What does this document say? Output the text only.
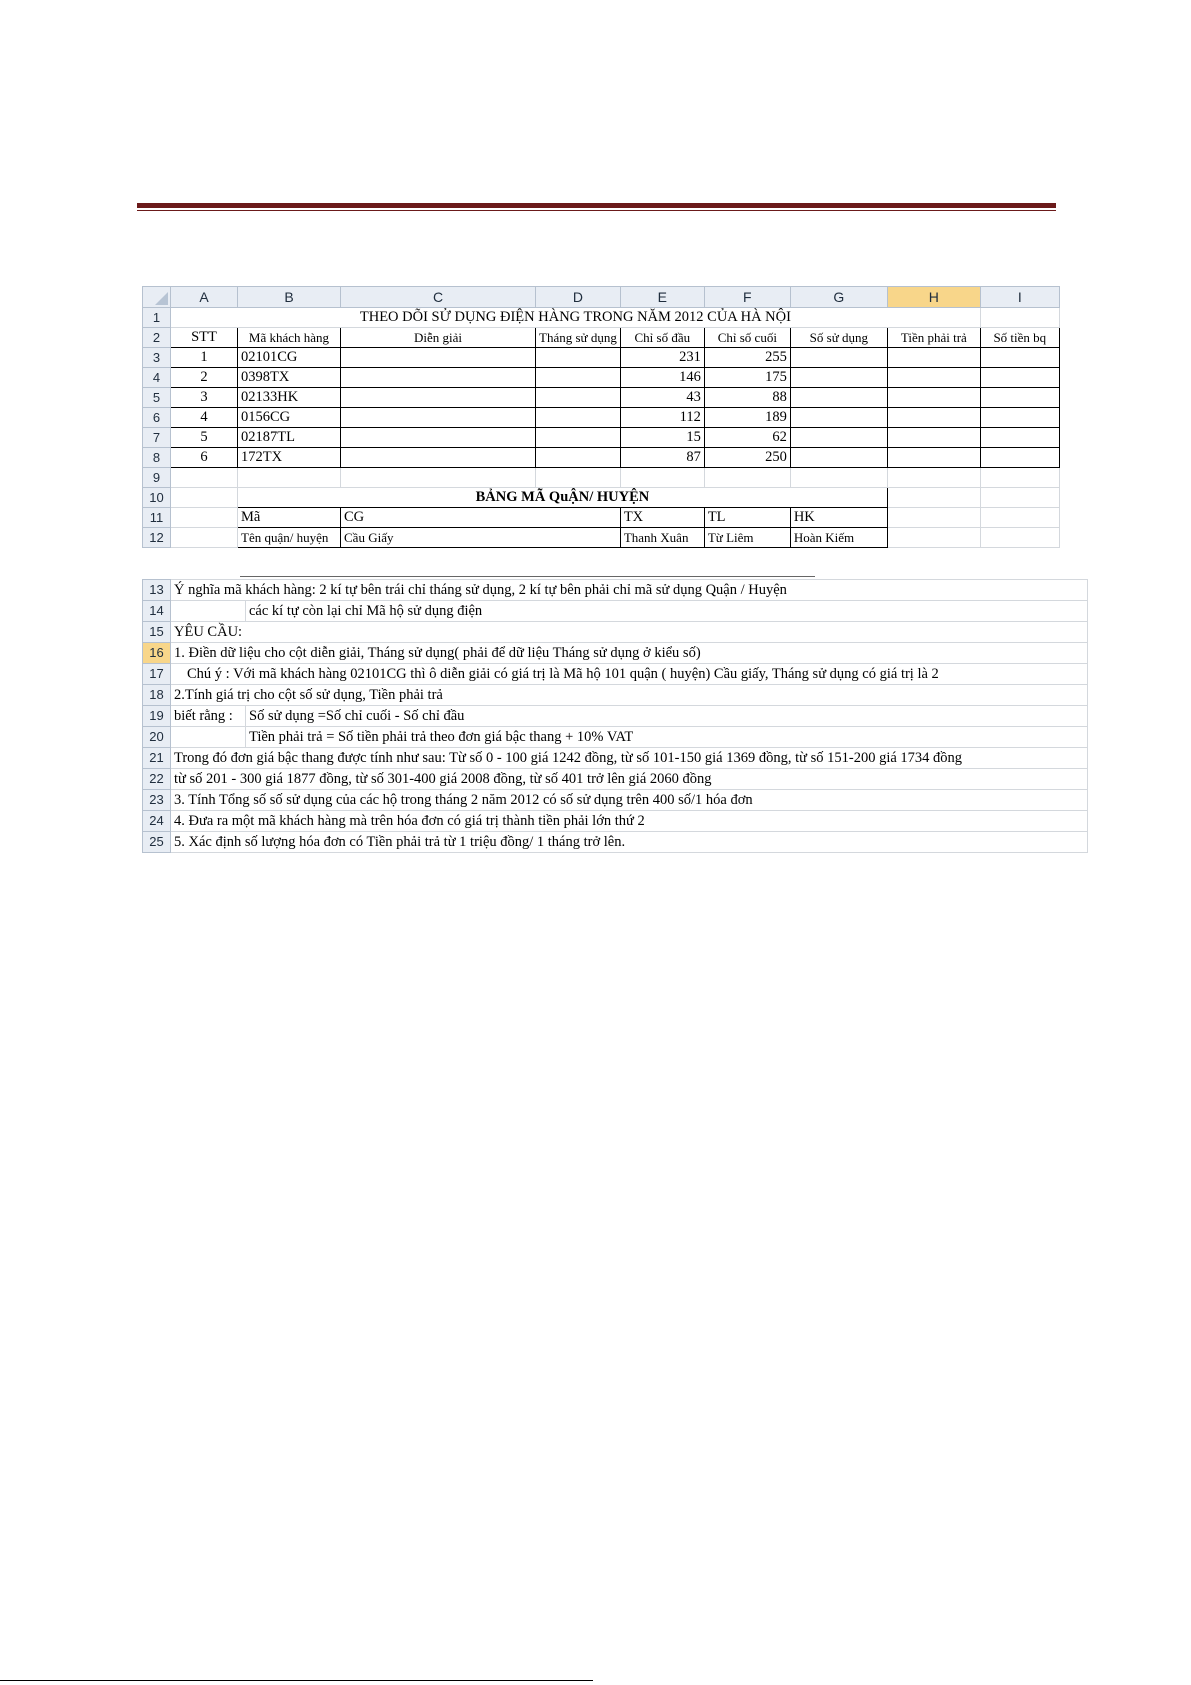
	A	B	C	D	E	F	G	H	I
1	THEO DÕI SỬ DỤNG ĐIỆN HÀNG TRONG NĂM 2012 CỦA HÀ NỘI								
2	STT	Mã khách hàng	Diễn giải	Tháng sử dụng	Chỉ số đầu	Chỉ số cuối	Số sử dụng	Tiền phải trả	Số tiền bq
3	1	02101CG			231	255			
4	2	0398TX			146	175			
5	3	02133HK			43	88			
6	4	0156CG			112	189			
7	5	02187TL			15	62			
8	6	172TX			87	250			
9									
10		BẢNG MÃ QuẬN/ HUYỆN							
11		Mã	CG		TX	TL	HK		
12		Tên quận/ huyện	Cầu Giấy		Thanh Xuân	Từ Liêm	Hoàn Kiếm		
13	Ý nghĩa mã khách hàng: 2 kí tự bên trái chỉ tháng sử dụng, 2 kí tự bên phải chỉ mã sử dụng Quận / Huyện	
14		các kí tự còn lại chỉ Mã hộ sử dụng điện
15	YÊU CẦU:	
16	1. Điền dữ liệu cho cột diễn giải, Tháng sử dụng( phải để dữ liệu Tháng sử dụng ở kiểu số)	
17	Chú ý : Với mã khách hàng 02101CG thì ô diễn giải có giá trị là Mã hộ 101 quận ( huyện) Cầu giấy, Tháng sử dụng có giá trị là 2	
18	2.Tính giá trị cho cột số sử dụng, Tiền phải trả	
19	biết rằng :	Số sử dụng =Số chỉ cuối - Số chỉ đầu
20		Tiền phải trả = Số tiền phải trả theo đơn giá bậc thang + 10% VAT
21	Trong đó đơn giá bậc thang được tính như sau: Từ số 0 - 100 giá 1242 đồng, từ số 101-150 giá 1369 đồng, từ số 151-200 giá 1734 đồng	
22	từ số 201 - 300 giá 1877 đồng, từ số 301-400 giá 2008 đồng, từ số 401 trở lên giá 2060 đồng	
23	3. Tính Tổng số số sử dụng của các hộ trong tháng 2 năm 2012 có số sử dụng trên 400 số/1 hóa đơn	
24	4. Đưa ra một mã khách hàng mà trên hóa đơn có giá trị thành tiền phải lớn thứ 2	
25	5. Xác định số lượng hóa đơn có Tiền phải trả từ 1 triệu đồng/ 1 tháng trở lên.	
